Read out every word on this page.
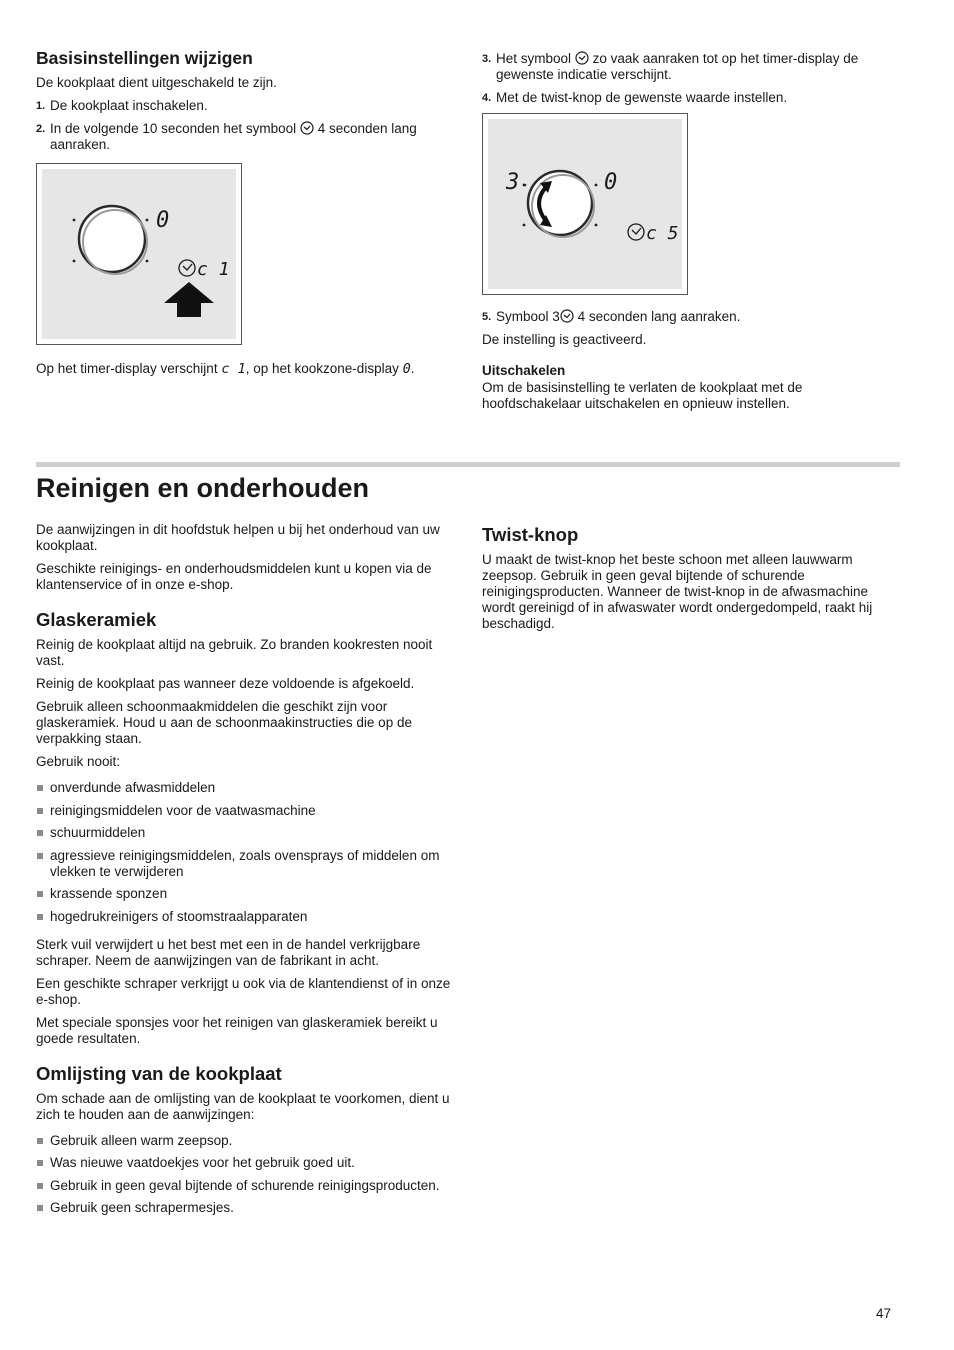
Basisinstellingen wijzigen

De kookplaat dient uitgeschakeld te zijn.

1. De kookplaat inschakelen.
2. In de volgende 10 seconden het symbool 4 seconden lang aanraken.
0
c 1

Op het timer-display verschijnt c 1, op het kookzone-display 0.

3. Het symbool zo vaak aanraken tot op het timer-display de gewenste indicatie verschijnt.
4. Met de twist-knop de gewenste waarde instellen.
3	0
c 5
5. Symbool 3 4 seconden lang aanraken.

De instelling is geactiveerd.

Uitschakelen

Om de basisinstelling te verlaten de kookplaat met de hoofdschakelaar uitschakelen en opnieuw instellen.

Reinigen en onderhouden

De aanwijzingen in dit hoofdstuk helpen u bij het onderhoud van uw kookplaat.

Geschikte reinigings- en onderhoudsmiddelen kunt u kopen via de klantenservice of in onze e-shop.

Glaskeramiek

Reinig de kookplaat altijd na gebruik. Zo branden kookresten nooit vast.

Reinig de kookplaat pas wanneer deze voldoende is afgekoeld.

Gebruik alleen schoonmaakmiddelen die geschikt zijn voor glaskeramiek. Houd u aan de schoonmaakinstructies die op de verpakking staan.

Gebruik nooit:

onverdunde afwasmiddelen
reinigingsmiddelen voor de vaatwasmachine
schuurmiddelen
agressieve reinigingsmiddelen, zoals ovensprays of middelen om vlekken te verwijderen
krassende sponzen
hogedrukreinigers of stoomstraalapparaten

Sterk vuil verwijdert u het best met een in de handel verkrijgbare schraper. Neem de aanwijzingen van de fabrikant in acht.

Een geschikte schraper verkrijgt u ook via de klantendienst of in onze e-shop.

Met speciale sponsjes voor het reinigen van glaskeramiek bereikt u goede resultaten.

Omlijsting van de kookplaat

Om schade aan de omlijsting van de kookplaat te voorkomen, dient u zich te houden aan de aanwijzingen:

Gebruik alleen warm zeepsop.
Was nieuwe vaatdoekjes voor het gebruik goed uit.
Gebruik in geen geval bijtende of schurende reinigingsproducten.
Gebruik geen schrapermesjes.
Twist-knop

U maakt de twist-knop het beste schoon met alleen lauwwarm zeepsop. Gebruik in geen geval bijtende of schurende reinigingsproducten. Wanneer de twist-knop in de afwasmachine wordt gereinigd of in afwaswater wordt ondergedompeld, raakt hij beschadigd.

47
